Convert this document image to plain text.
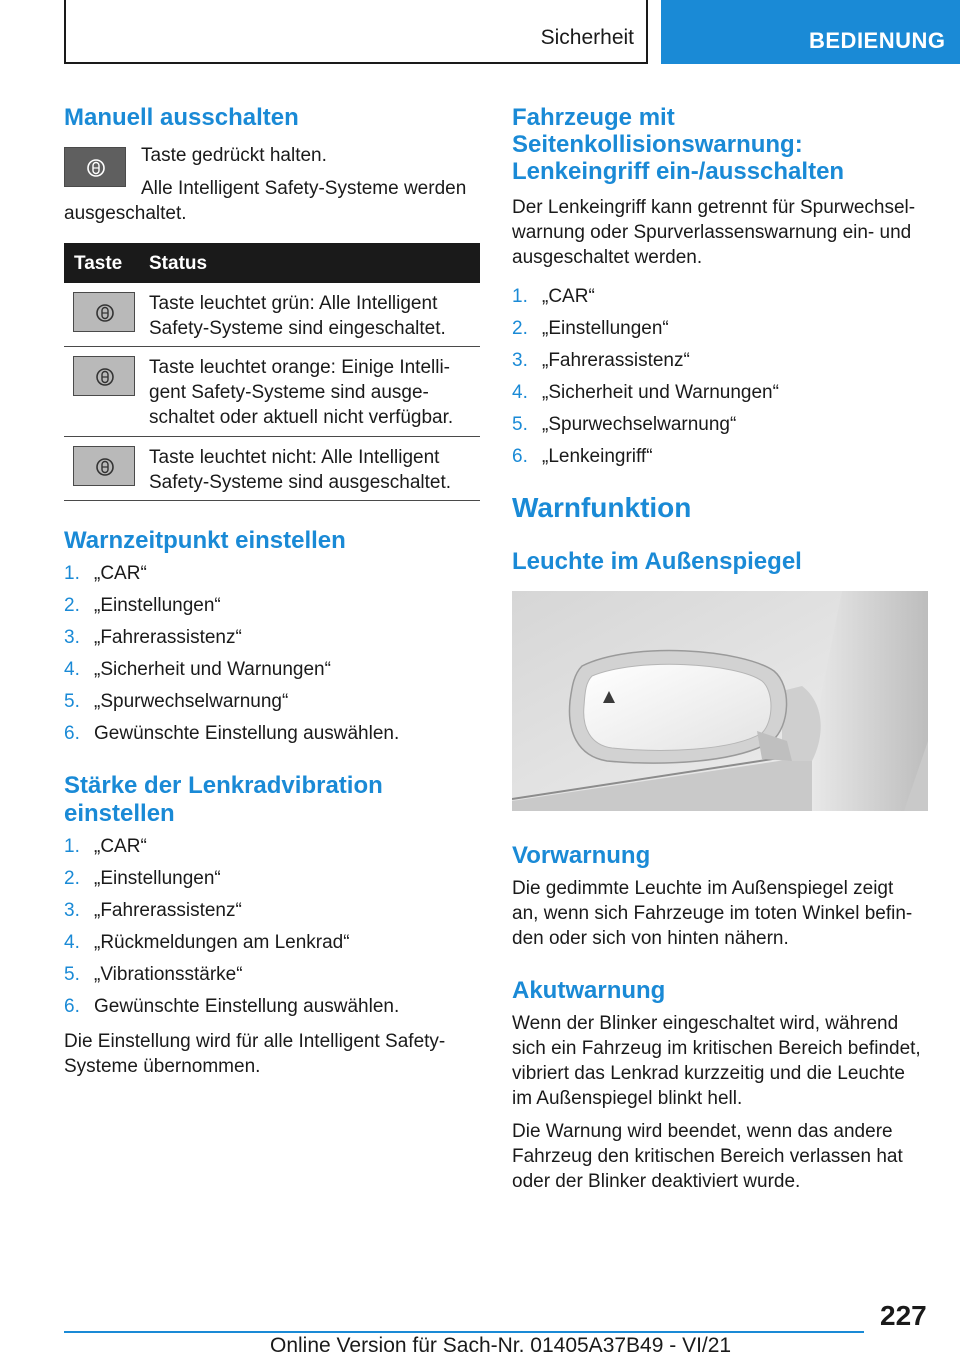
Sicherheit	BEDIENUNG
Manuell ausschalten

Taste gedrückt halten.

Alle Intelligent Safety-Systeme werden

ausgeschaltet.

Taste Status
Taste leuchtet grün: Alle Intelligent
Safety-Systeme sind eingeschaltet.
Taste leuchtet orange: Einige Intelli-
gent Safety-Systeme sind ausge-
schaltet oder aktuell nicht verfügbar.
Taste leuchtet nicht: Alle Intelligent
Safety-Systeme sind ausgeschaltet.
Warnzeitpunkt einstellen
1. „CAR“
2. „Einstellungen“
3. „Fahrerassistenz“
4. „Sicherheit und Warnungen“
5. „Spurwechselwarnung“
6. Gewünschte Einstellung auswählen.
Stärke der Lenkradvibration
einstellen
1. „CAR“
2. „Einstellungen“
3. „Fahrerassistenz“
4. „Rückmeldungen am Lenkrad“
5. „Vibrationsstärke“
6. Gewünschte Einstellung auswählen.

Die Einstellung wird für alle Intelligent Safety-

Systeme übernommen.

Fahrzeuge mit
Seitenkollisionswarnung:
Lenkeingriff ein-/ausschalten

Der Lenkeingriff kann getrennt für Spurwechsel-

warnung oder Spurverlassenswarnung ein- und

ausgeschaltet werden.

1. „CAR“
2. „Einstellungen“
3. „Fahrerassistenz“
4. „Sicherheit und Warnungen“
5. „Spurwechselwarnung“
6. „Lenkeingriff“
Warnfunktion
Leuchte im Außenspiegel
Vorwarnung

Die gedimmte Leuchte im Außenspiegel zeigt

an, wenn sich Fahrzeuge im toten Winkel befin-

den oder sich von hinten nähern.

Akutwarnung

Wenn der Blinker eingeschaltet wird, während

sich ein Fahrzeug im kritischen Bereich befindet,

vibriert das Lenkrad kurzzeitig und die Leuchte

im Außenspiegel blinkt hell.

Die Warnung wird beendet, wenn das andere

Fahrzeug den kritischen Bereich verlassen hat

oder der Blinker deaktiviert wurde.

227
Online Version für Sach-Nr. 01405A37B49 - VI/21
